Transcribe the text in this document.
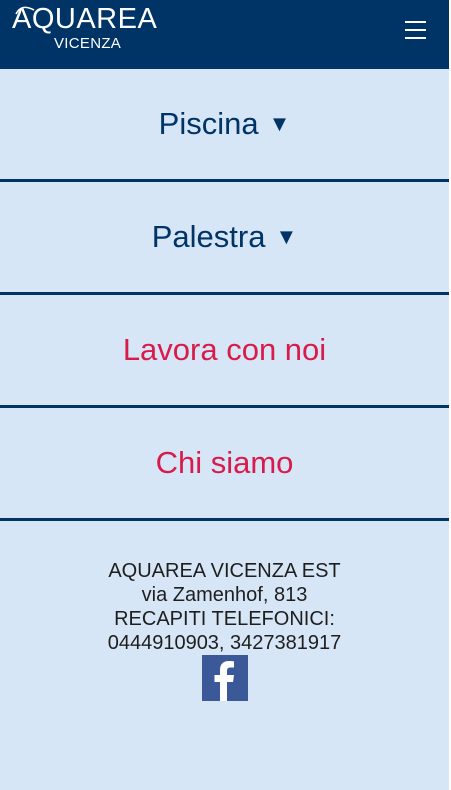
AQUAREA
VICENZA
Piscina ▼
Palestra ▼
Lavora con noi
Chi siamo
AQUAREA VICENZA EST
via Zamenhof, 813
RECAPITI TELEFONICI:
0444910903, 3427381917
